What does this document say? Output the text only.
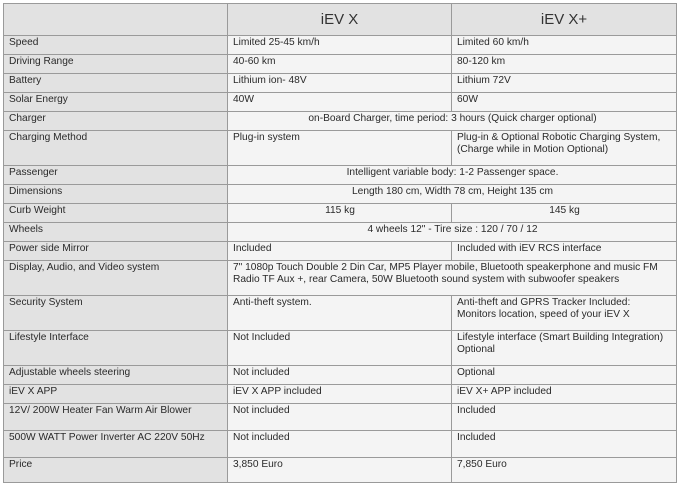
	iEV X	iEV X+
Speed	Limited 25-45 km/h	Limited 60 km/h
Driving Range	40-60 km	80-120 km
Battery	Lithium ion- 48V	Lithium 72V
Solar Energy	40W	60W
Charger	on-Board Charger, time period: 3 hours (Quick charger optional)	
Charging Method	Plug-in system	Plug-in & Optional Robotic Charging System, (Charge while in Motion Optional)
Passenger	Intelligent variable body: 1-2 Passenger space.	
Dimensions	Length 180 cm, Width 78 cm, Height 135 cm	
Curb Weight	115 kg	145 kg
Wheels	4 wheels 12" - Tire size : 120 / 70 / 12	
Power side Mirror	Included	Included with iEV RCS interface
Display, Audio, and Video system	7" 1080p Touch Double 2 Din Car, MP5 Player mobile, Bluetooth speakerphone and music FM Radio TF Aux +, rear Camera, 50W Bluetooth sound system with subwoofer speakers	
Security System	Anti-theft system.	Anti-theft and GPRS Tracker Included: Monitors location, speed of your iEV X
Lifestyle Interface	Not Included	Lifestyle interface (Smart Building Integration) Optional
Adjustable wheels steering	Not included	Optional
iEV X APP	iEV X APP included	iEV X+ APP included
12V/ 200W Heater Fan Warm Air Blower	Not included	Included
500W WATT Power Inverter AC 220V 50Hz	Not included	Included
Price	3,850 Euro	7,850 Euro
